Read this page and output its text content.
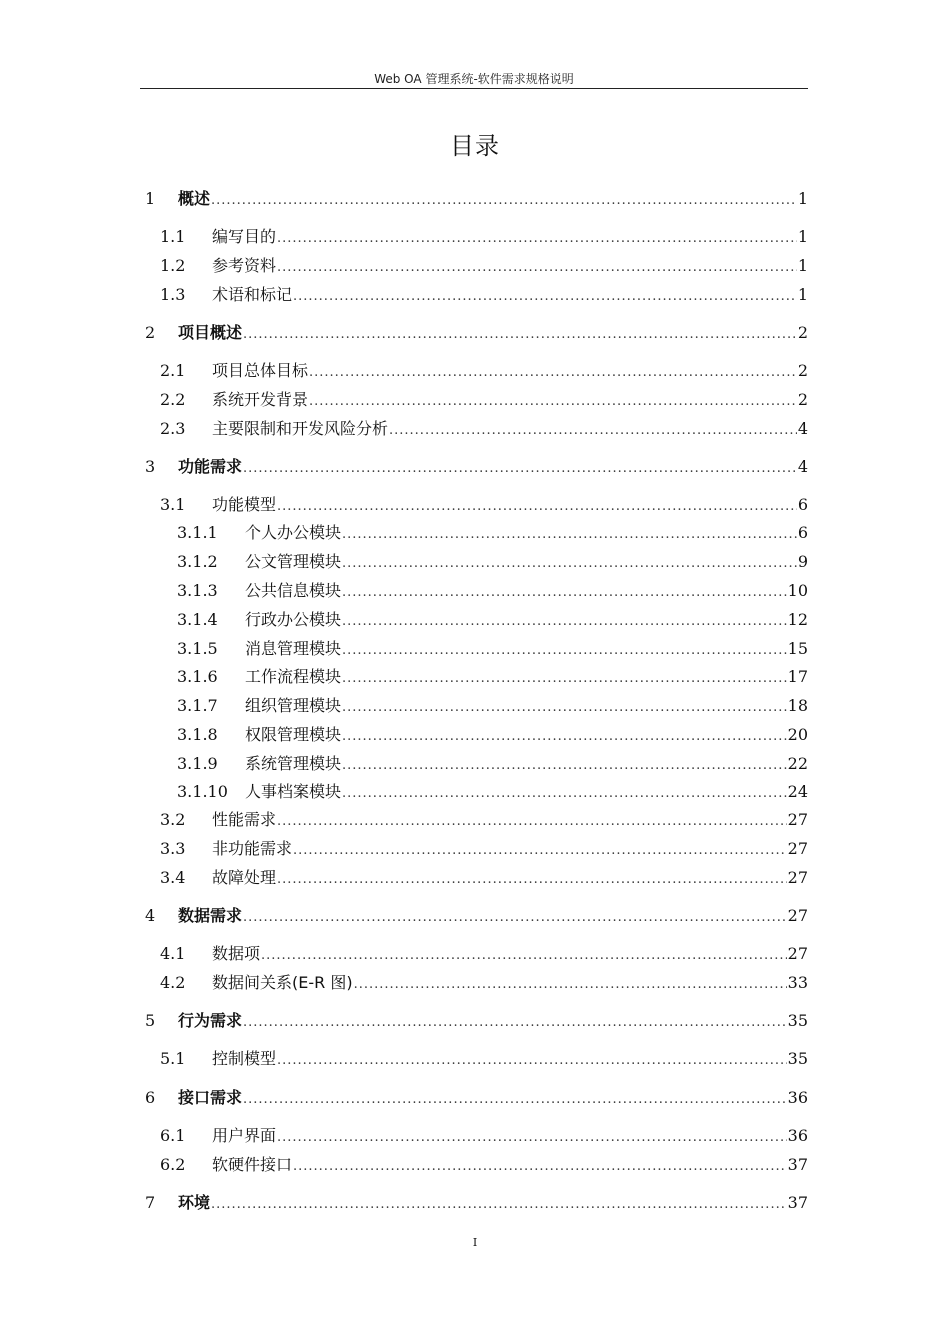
Web OA 管理系统-软件需求规格说明
目录
1	概述 .....	1
1.1	编写目的 .....	1
1.2	参考资料 .....	1
1.3	术语和标记 .....	1
2	项目概述 .....	2
2.1	项目总体目标 .....	2
2.2	系统开发背景 .....	2
2.3	主要限制和开发风险分析 .....	4
3	功能需求 .....	4
3.1	功能模型 .....	6
3.1.1	个人办公模块 .....	6
3.1.2	公文管理模块 .....	9
3.1.3	公共信息模块 .....	10
3.1.4	行政办公模块 .....	12
3.1.5	消息管理模块 .....	15
3.1.6	工作流程模块 .....	17
3.1.7	组织管理模块 .....	18
3.1.8	权限管理模块 .....	20
3.1.9	系统管理模块 .....	22
3.1.10	人事档案模块 .....	24
3.2	性能需求 .....	27
3.3	非功能需求 .....	27
3.4	故障处理 .....	27
4	数据需求 .....	27
4.1	数据项 .....	27
4.2	数据间关系(E-R 图) .....	33
5	行为需求 .....	35
5.1	控制模型 .....	35
6	接口需求 .....	36
6.1	用户界面 .....	36
6.2	软硬件接口 .....	37
7	环境 .....	37
I
